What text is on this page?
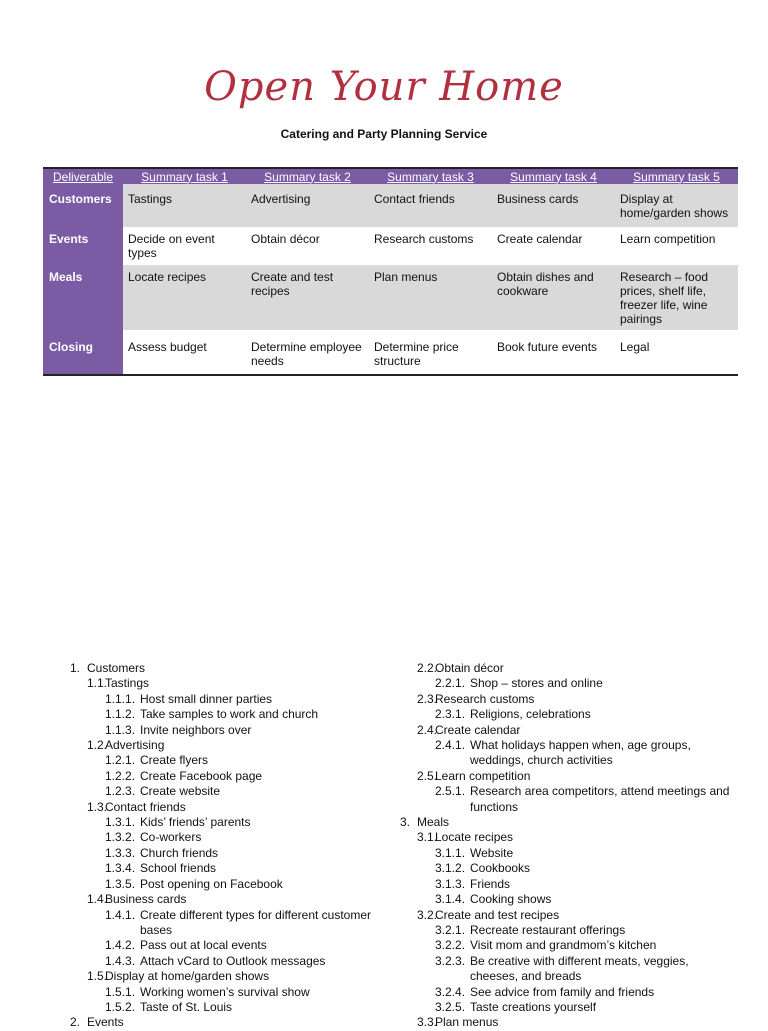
Open Your Home
Catering and Party Planning Service
Deliverable	Summary task 1	Summary task 2	Summary task 3	Summary task 4	Summary task 5
Customers	Tastings	Advertising	Contact friends	Business cards	Display at home/garden shows
Events	Decide on event types	Obtain décor	Research customs	Create calendar	Learn competition
Meals	Locate recipes	Create and test recipes	Plan menus	Obtain dishes and cookware	Research – food prices, shelf life, freezer life, wine pairings
Closing	Assess budget	Determine employee needs	Determine price structure	Book future events	Legal
1. Customers
1.1.
Tastings
1.1.1. Host small dinner parties
1.1.2. Take samples to work and church
1.1.3. Invite neighbors over
1.2.
Advertising
1.2.1. Create flyers
1.2.2. Create Facebook page
1.2.3. Create website
1.3.
Contact friends
1.3.1. Kids’ friends’ parents
1.3.2. Co-workers
1.3.3. Church friends
1.3.4. School friends
1.3.5. Post opening on Facebook
1.4.
Business cards
1.4.1. Create different types for different customer bases
1.4.2. Pass out at local events
1.4.3. Attach vCard to Outlook messages
1.5.
Display at home/garden shows
1.5.1. Working women’s survival show
1.5.2. Taste of St. Louis
2. Events
2.2.
Obtain décor
2.2.1. Shop – stores and online
2.3.
Research customs
2.3.1. Religions, celebrations
2.4.
Create calendar
2.4.1. What holidays happen when, age groups, weddings, church activities
2.5.
Learn competition
2.5.1. Research area competitors, attend meetings and functions
3. Meals
3.1.
Locate recipes
3.1.1. Website
3.1.2. Cookbooks
3.1.3. Friends
3.1.4. Cooking shows
3.2.
Create and test recipes
3.2.1. Recreate restaurant offerings
3.2.2. Visit mom and grandmom’s kitchen
3.2.3. Be creative with different meats, veggies, cheeses, and breads
3.2.4. See advice from family and friends
3.2.5. Taste creations yourself
3.3.
Plan menus
